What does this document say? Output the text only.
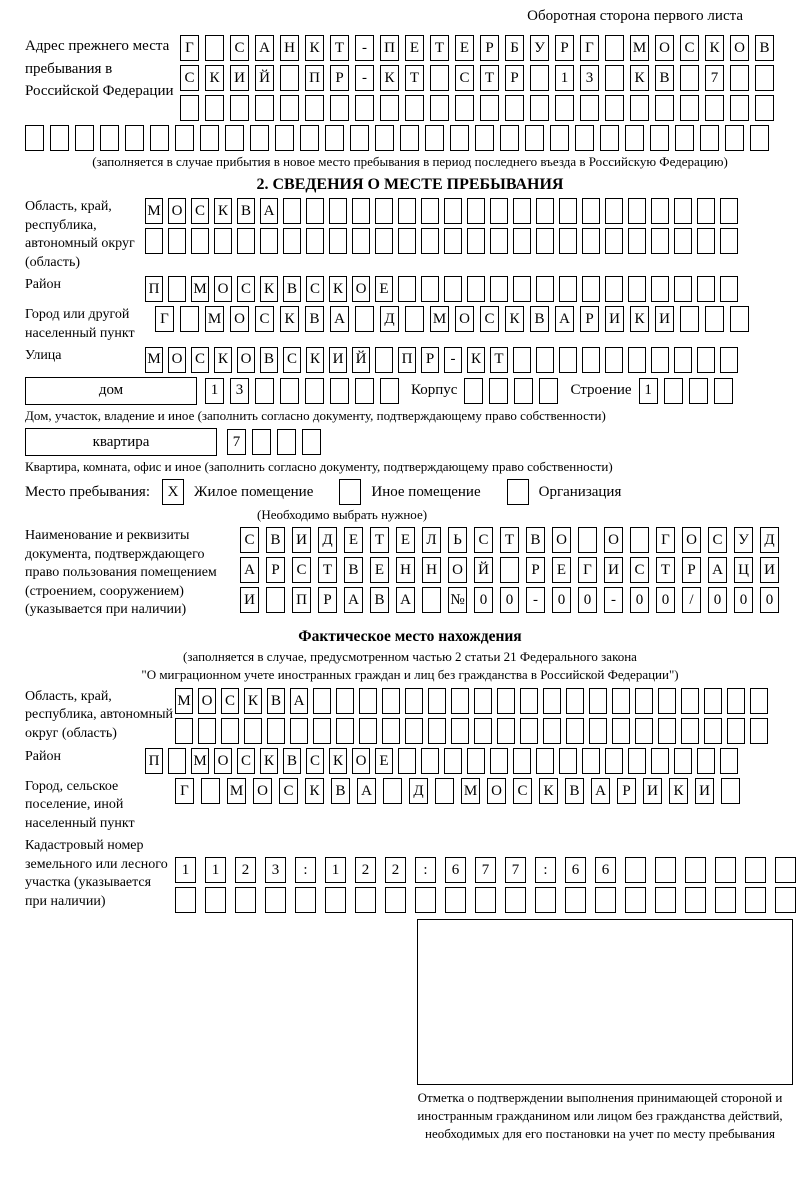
Оборотная сторона первого листа
Адрес прежнего места пребывания в Российской Федерации
Г	С А Н К	Т	-	П Е	Т	Е	Р	Б	У	Р	Г	М О С К О В
С К И Й	П	Р	-	К	Т	С	Т	Р	1	3	К В	7
(заполняется в случае прибытия в новое место пребывания в период последнего въезда в Российскую Федерацию)
2. СВЕДЕНИЯ О МЕСТЕ ПРЕБЫВАНИЯ
Область, край, республика, автономный округ (область)
М О С К В А
Район	П М О С К В С К О Е
Город или другой населенный пункт
Г	М О С К В А	Д	М О С К В А	Р	И К И
Улица	М О С К О В С К И Й П Р	-	К Т
дом	1	3	Корпус	Строение 1
Дом, участок, владение и иное (заполнить согласно документу, подтверждающему право собственности)
квартира	7
Квартира, комната, офис и иное (заполнить согласно документу, подтверждающему право собственности)
Место пребывания:	X	Жилое помещение	Иное помещение	Организация
(Необходимо выбрать нужное)
Наименование и реквизиты документа, подтверждающего право пользования помещением (строением, сооружением) (указывается при наличии)
С	В	И Д	Е	Т	Е	Л	Ь	С	Т	В	О	О	Г	О С	У Д
А	Р	С	Т	В	Е	Н Н О Й	Р	Е	Г	И С	Т	Р	А Ц И
И	П	Р	А В	А	№	0	0	-	0	0	-	0	0	/	0	0	0
Фактическое место нахождения
(заполняется в случае, предусмотренном частью 2 статьи 21 Федерального закона
"О миграционном учете иностранных граждан и лиц без гражданства в Российской Федерации")
Область, край, республика, автономный округ (область)
М О С К В А
Район	П М О С К В С К О Е
Город, сельское поселение, иной населенный пункт
Г	М О С	К	В	А	Д	М О С	К	В	А	Р	И К	И
Кадастровый номер земельного или лесного участка (указывается при наличии)
1	1	2	3	:	1	2	2	:	6	7	7	:	6	6
Отметка о подтверждении выполнения принимающей стороной и иностранным гражданином или лицом без гражданства действий, необходимых для его постановки на учет по месту пребывания
